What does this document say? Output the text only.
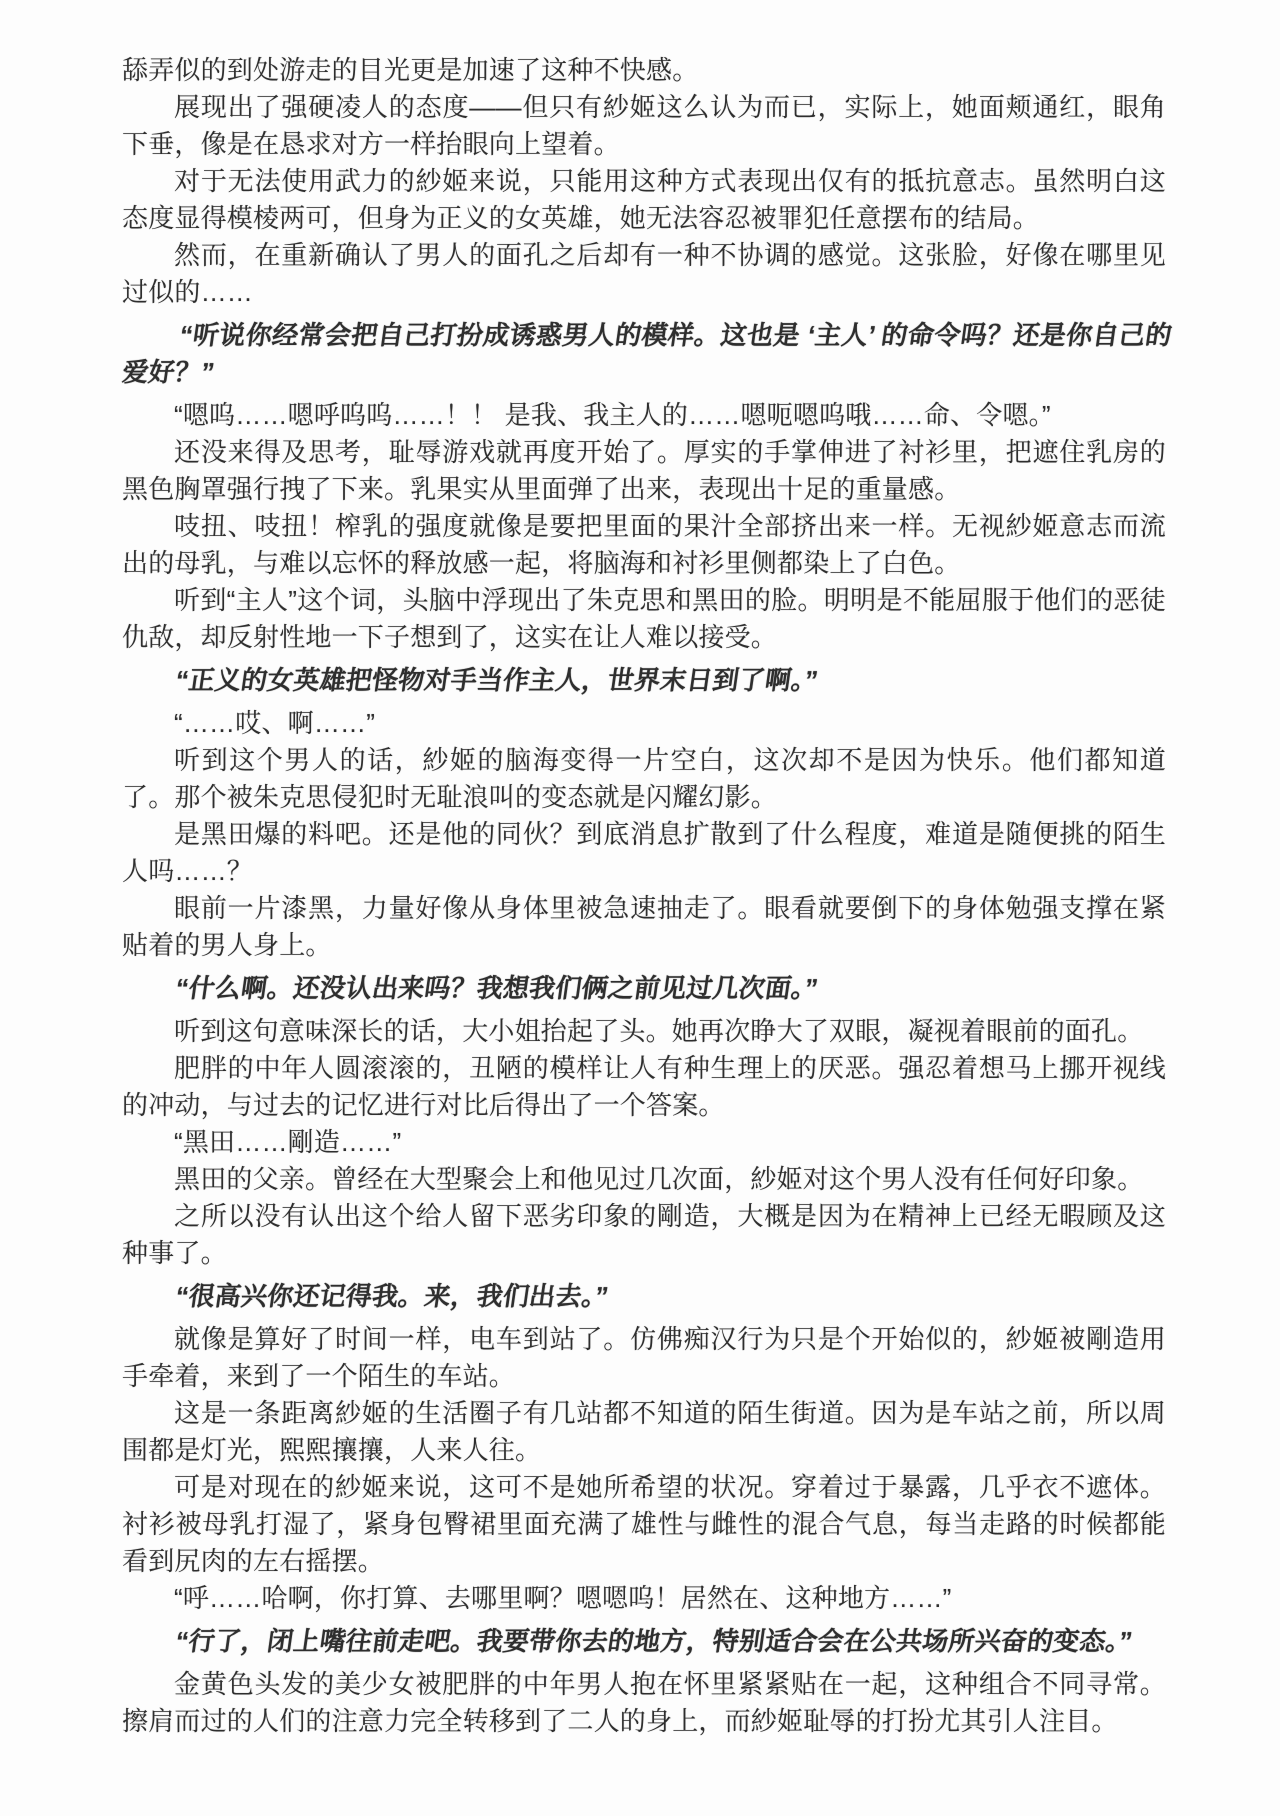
舔弄似的到处游走的目光更是加速了这种不快感。

展现出了强硬凌人的态度——但只有紗姬这么认为而已，实际上，她面颊通红，眼角下垂，像是在恳求对方一样抬眼向上望着。

对于无法使用武力的紗姬来说，只能用这种方式表现出仅有的抵抗意志。虽然明白这态度显得模棱两可，但身为正义的女英雄，她无法容忍被罪犯任意摆布的结局。

然而，在重新确认了男人的面孔之后却有一种不协调的感觉。这张脸，好像在哪里见过似的……

“听说你经常会把自己打扮成诱惑男人的模样。这也是 ‘主人’ 的命令吗？还是你自己的爱好？”

“嗯呜……嗯呼呜呜……！！ 是我、我主人的……嗯呃嗯呜哦……命、令嗯。”

还没来得及思考，耻辱游戏就再度开始了。厚实的手掌伸进了衬衫里，把遮住乳房的黑色胸罩强行拽了下来。乳果实从里面弹了出来，表现出十足的重量感。

吱扭、吱扭！榨乳的强度就像是要把里面的果汁全部挤出来一样。无视紗姬意志而流出的母乳，与难以忘怀的释放感一起，将脑海和衬衫里侧都染上了白色。

听到“主人”这个词，头脑中浮现出了朱克思和黑田的脸。明明是不能屈服于他们的恶徒仇敌，却反射性地一下子想到了，这实在让人难以接受。

“正义的女英雄把怪物对手当作主人，世界末日到了啊。”

“……哎、啊……”

听到这个男人的话，紗姬的脑海变得一片空白，这次却不是因为快乐。他们都知道了。那个被朱克思侵犯时无耻浪叫的变态就是闪耀幻影。

是黑田爆的料吧。还是他的同伙？到底消息扩散到了什么程度，难道是随便挑的陌生人吗……？

眼前一片漆黑，力量好像从身体里被急速抽走了。眼看就要倒下的身体勉强支撑在紧贴着的男人身上。

“什么啊。还没认出来吗？我想我们俩之前见过几次面。”

听到这句意味深长的话，大小姐抬起了头。她再次睁大了双眼，凝视着眼前的面孔。

肥胖的中年人圆滚滚的，丑陋的模样让人有种生理上的厌恶。强忍着想马上挪开视线的冲动，与过去的记忆进行对比后得出了一个答案。

“黑田……剛造……”

黑田的父亲。曾经在大型聚会上和他见过几次面，紗姬对这个男人没有任何好印象。

之所以没有认出这个给人留下恶劣印象的剛造，大概是因为在精神上已经无暇顾及这种事了。

“很高兴你还记得我。来，我们出去。”

就像是算好了时间一样，电车到站了。仿佛痴汉行为只是个开始似的，紗姬被剛造用手牵着，来到了一个陌生的车站。

这是一条距离紗姬的生活圈子有几站都不知道的陌生街道。因为是车站之前，所以周围都是灯光，熙熙攘攘，人来人往。

可是对现在的紗姬来说，这可不是她所希望的状况。穿着过于暴露，几乎衣不遮体。衬衫被母乳打湿了，紧身包臀裙里面充满了雄性与雌性的混合气息，每当走路的时候都能看到尻肉的左右摇摆。

“呼……哈啊，你打算、去哪里啊？嗯嗯呜！居然在、这种地方……”

“行了，闭上嘴往前走吧。我要带你去的地方，特别适合会在公共场所兴奋的变态。”

金黄色头发的美少女被肥胖的中年男人抱在怀里紧紧贴在一起，这种组合不同寻常。擦肩而过的人们的注意力完全转移到了二人的身上，而紗姬耻辱的打扮尤其引人注目。
